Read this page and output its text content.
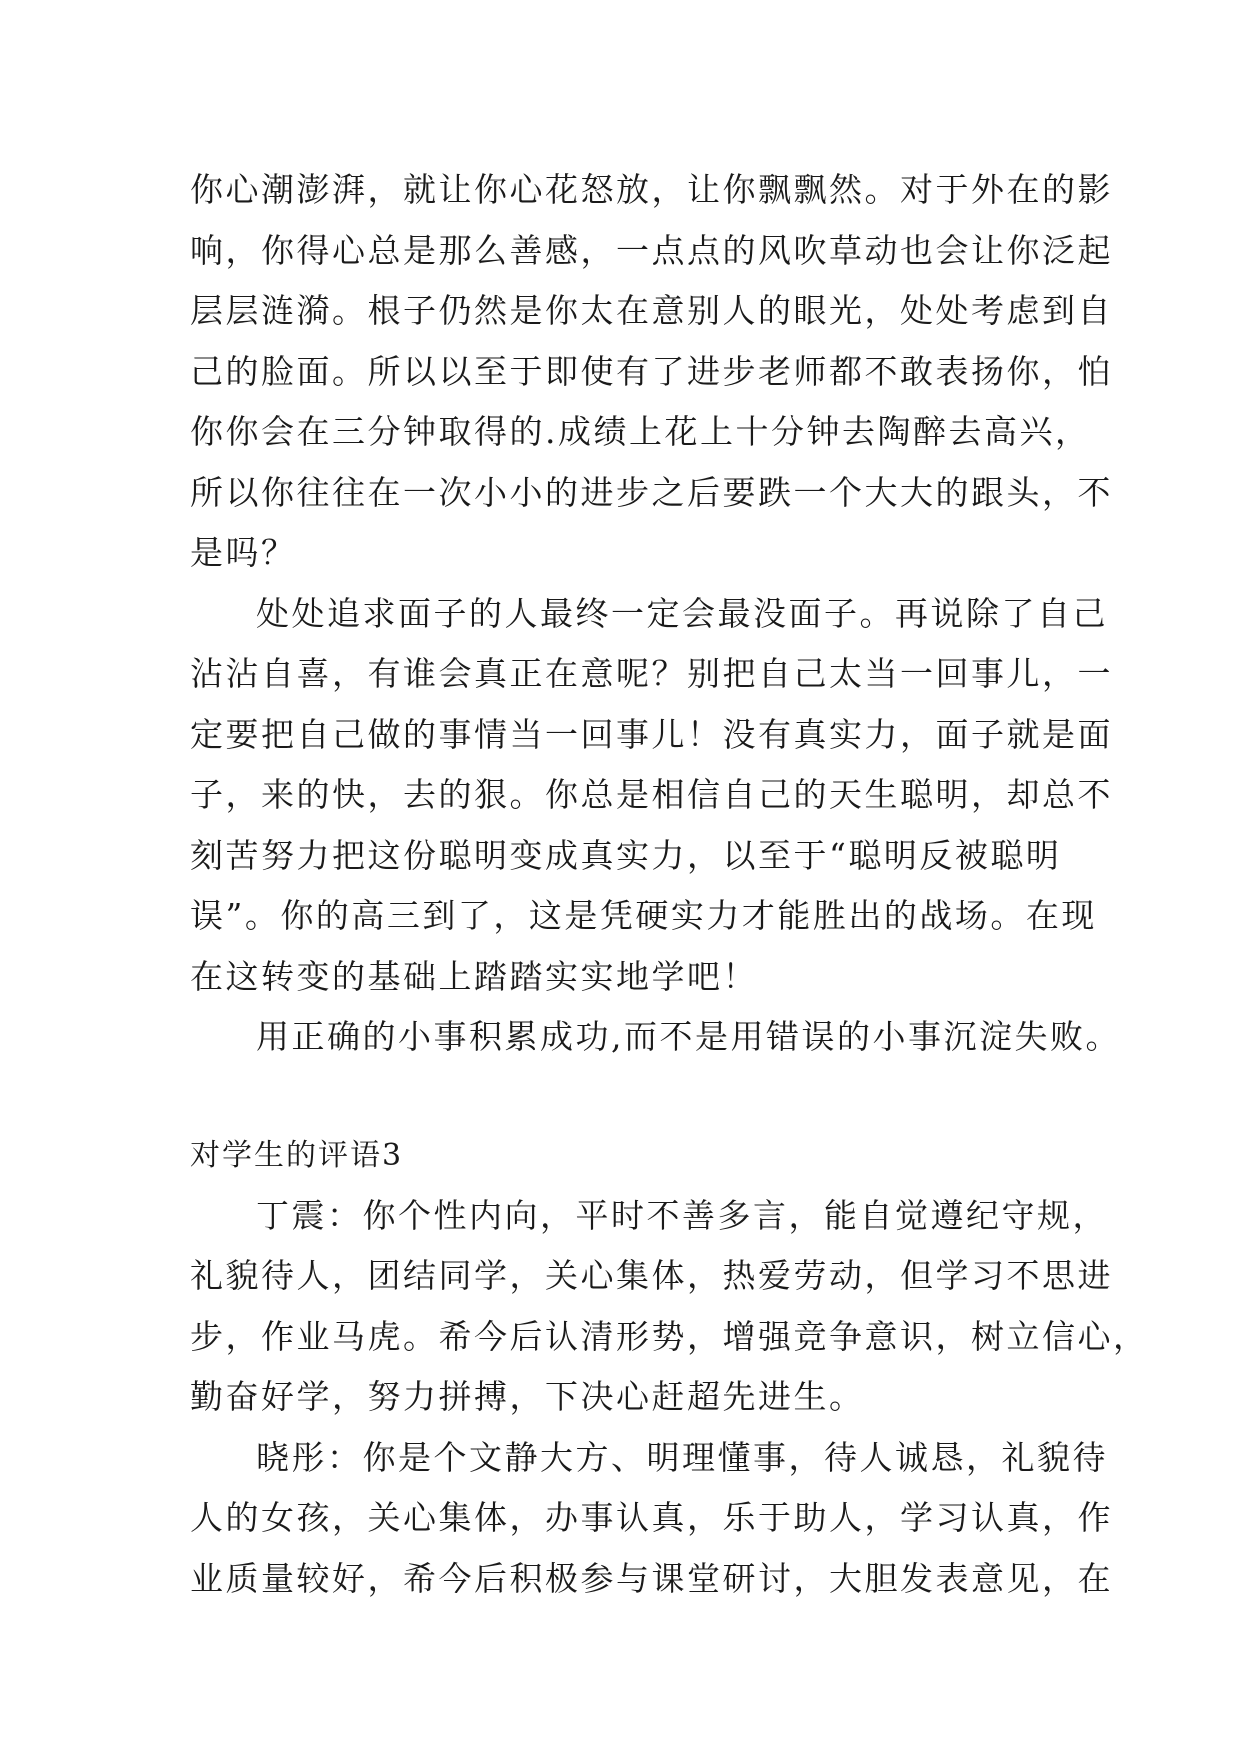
你心潮澎湃，就让你心花怒放，让你飘飘然。对于外在的影
响，你得心总是那么善感，一点点的风吹草动也会让你泛起
层层涟漪。根子仍然是你太在意别人的眼光，处处考虑到自
己的脸面。所以以至于即使有了进步老师都不敢表扬你，怕
你你会在三分钟取得的.成绩上花上十分钟去陶醉去高兴，
所以你往往在一次小小的进步之后要跌一个大大的跟头，不
是吗？
处处追求面子的人最终一定会最没面子。再说除了自己
沾沾自喜，有谁会真正在意呢？别把自己太当一回事儿，一
定要把自己做的事情当一回事儿！没有真实力，面子就是面
子，来的快，去的狠。你总是相信自己的天生聪明，却总不
刻苦努力把这份聪明变成真实力，以至于“聪明反被聪明
误”。你的高三到了，这是凭硬实力才能胜出的战场。在现
在这转变的基础上踏踏实实地学吧！
用正确的小事积累成功,而不是用错误的小事沉淀失败。
对学生的评语3
丁震：你个性内向，平时不善多言，能自觉遵纪守规，
礼貌待人，团结同学，关心集体，热爱劳动，但学习不思进
步，作业马虎。希今后认清形势，增强竞争意识，树立信心，
勤奋好学，努力拼搏，下决心赶超先进生。
晓彤：你是个文静大方、明理懂事，待人诚恳，礼貌待
人的女孩，关心集体，办事认真，乐于助人，学习认真，作
业质量较好，希今后积极参与课堂研讨，大胆发表意见，在
